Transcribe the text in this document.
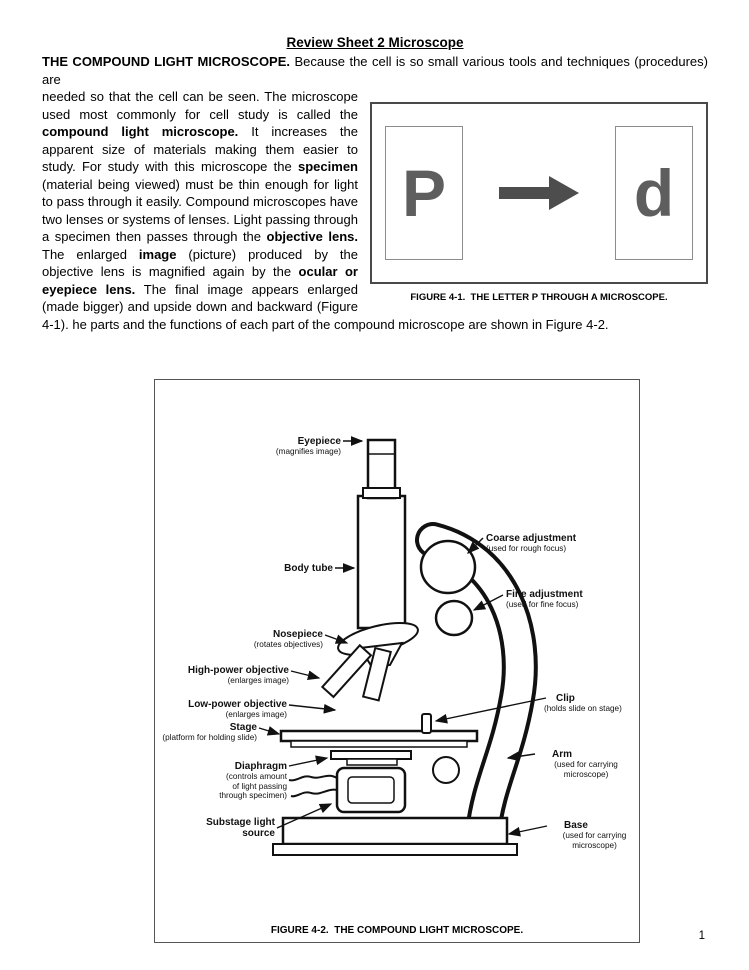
Review Sheet 2 Microscope
THE COMPOUND LIGHT MICROSCOPE. Because the cell is so small various tools and techniques (procedures) are
P	d
FIGURE 4-1.  THE LETTER P THROUGH A MICROSCOPE.
needed so that the cell can be seen. The microscope used most commonly for cell study is called the compound light microscope. It increases the apparent size of materials making them easier to study. For study with this microscope the specimen (material being viewed) must be thin enough for light to pass through it easily. Compound microscopes have two lenses or systems of lenses. Light passing through a specimen then passes through the objective lens. The enlarged image (picture) produced by the objective lens is magnified again by the ocular or eyepiece lens. The final image appears enlarged (made bigger) and upside down and backward (Figure 4-1). he parts and the functions of each part of the compound microscope are shown in Figure 4-2.
Eyepiece
(magnifies image)
Body tube
Coarse adjustment
(used for rough focus)
Fine adjustment
(used for fine focus)
Nosepiece
(rotates objectives)
High-power objective
(enlarges image)
Low-power objective
(enlarges image)
Clip
(holds slide on stage)
Stage
(platform for holding slide)
Arm
(used for carrying microscope)
Diaphragm
(controls amount of light passing through specimen)
Substage light source
Base
(used for carrying microscope)
FIGURE 4-2.  THE COMPOUND LIGHT MICROSCOPE.	1
